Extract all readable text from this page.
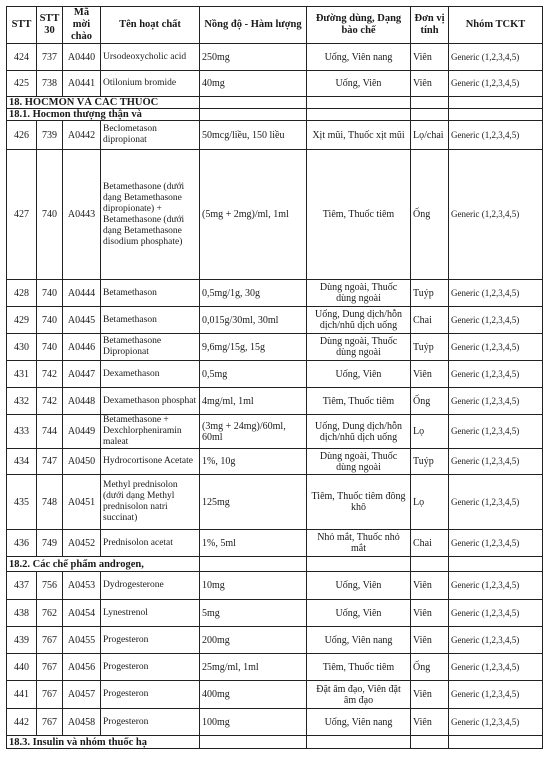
STT	STT 30	Mã mời chào	Tên hoạt chất	Nồng độ - Hàm lượng	Đường dùng, Dạng bào chế	Đơn vị tính	Nhóm TCKT
424	737	A0440	Ursodeoxycholic acid	250mg	Uống, Viên nang	Viên	Generic (1,2,3,4,5)
425	738	A0441	Otilonium bromide	40mg	Uống, Viên	Viên	Generic (1,2,3,4,5)
18. HOCMON VÀ CÁC THUỐC							
18.1. Hocmon thượng thận và							
426	739	A0442	Beclometason dipropionat	50mcg/liều, 150 liều	Xịt mũi, Thuốc xịt mũi	Lọ/chai	Generic (1,2,3,4,5)
427	740	A0443	Betamethasone (dưới dạng Betamethasone dipropionate) + Betamethasone (dưới dạng Betamethasone disodium phosphate)	(5mg + 2mg)/ml, 1ml	Tiêm, Thuốc tiêm	Ống	Generic (1,2,3,4,5)
428	740	A0444	Betamethason	0,5mg/1g, 30g	Dùng ngoài, Thuốc dùng ngoài	Tuýp	Generic (1,2,3,4,5)
429	740	A0445	Betamethason	0,015g/30ml, 30ml	Uống, Dung dịch/hỗn dịch/nhũ dịch uống	Chai	Generic (1,2,3,4,5)
430	740	A0446	Betamethasone Dipropionat	9,6mg/15g, 15g	Dùng ngoài, Thuốc dùng ngoài	Tuýp	Generic (1,2,3,4,5)
431	742	A0447	Dexamethason	0,5mg	Uống, Viên	Viên	Generic (1,2,3,4,5)
432	742	A0448	Dexamethason phosphat	4mg/ml, 1ml	Tiêm, Thuốc tiêm	Ống	Generic (1,2,3,4,5)
433	744	A0449	Betamethasone + Dexchlorpheniramin maleat	(3mg + 24mg)/60ml, 60ml	Uống, Dung dịch/hỗn dịch/nhũ dịch uống	Lọ	Generic (1,2,3,4,5)
434	747	A0450	Hydrocortisone Acetate	1%, 10g	Dùng ngoài, Thuốc dùng ngoài	Tuýp	Generic (1,2,3,4,5)
435	748	A0451	Methyl prednisolon (dưới dạng Methyl prednisolon natri succinat)	125mg	Tiêm, Thuốc tiêm đông khô	Lọ	Generic (1,2,3,4,5)
436	749	A0452	Prednisolon acetat	1%, 5ml	Nhỏ mắt, Thuốc nhỏ mắt	Chai	Generic (1,2,3,4,5)
18.2. Các chế phẩm androgen,							
437	756	A0453	Dydrogesterone	10mg	Uống, Viên	Viên	Generic (1,2,3,4,5)
438	762	A0454	Lynestrenol	5mg	Uống, Viên	Viên	Generic (1,2,3,4,5)
439	767	A0455	Progesteron	200mg	Uống, Viên nang	Viên	Generic (1,2,3,4,5)
440	767	A0456	Progesteron	25mg/ml, 1ml	Tiêm, Thuốc tiêm	Ống	Generic (1,2,3,4,5)
441	767	A0457	Progesteron	400mg	Đặt âm đạo, Viên đặt âm đạo	Viên	Generic (1,2,3,4,5)
442	767	A0458	Progesteron	100mg	Uống, Viên nang	Viên	Generic (1,2,3,4,5)
18.3. Insulin và nhóm thuốc hạ							
